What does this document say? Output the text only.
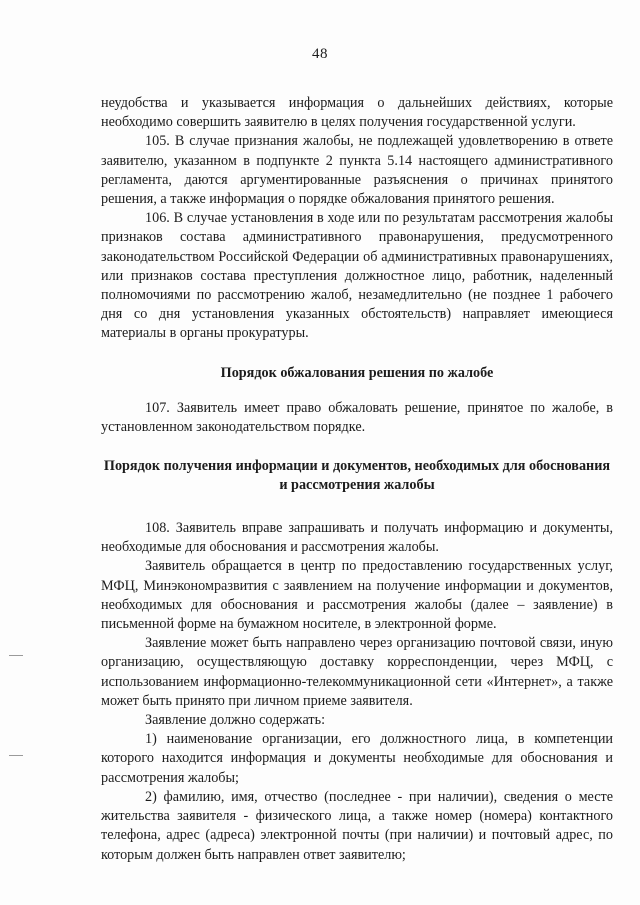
48

неудобства и указывается информация о дальнейших действиях, которые необходимо совершить заявителю в целях получения государственной услуги.

105. В случае признания жалобы, не подлежащей удовлетворению в ответе заявителю, указанном в подпункте 2 пункта 5.14 настоящего административного регламента, даются аргументированные разъяснения о причинах принятого решения, а также информация о порядке обжалования принятого решения.

106. В случае установления в ходе или по результатам рассмотрения жалобы признаков состава административного правонарушения, предусмотренного законодательством Российской Федерации об административных правонарушениях, или признаков состава преступления должностное лицо, работник, наделенный полномочиями по рассмотрению жалоб, незамедлительно (не позднее 1 рабочего дня со дня установления указанных обстоятельств) направляет имеющиеся материалы в органы прокуратуры.

Порядок обжалования решения по жалобе

107. Заявитель имеет право обжаловать решение, принятое по жалобе, в установленном законодательством порядке.

Порядок получения информации и документов, необходимых для обоснования и рассмотрения жалобы

108. Заявитель вправе запрашивать и получать информацию и документы, необходимые для обоснования и рассмотрения жалобы.

Заявитель обращается в центр по предоставлению государственных услуг, МФЦ, Минэкономразвития с заявлением на получение информации и документов, необходимых для обоснования и рассмотрения жалобы (далее – заявление) в письменной форме на бумажном носителе, в электронной форме.

Заявление может быть направлено через организацию почтовой связи, иную организацию, осуществляющую доставку корреспонденции, через МФЦ, с использованием информационно-телекоммуникационной сети «Интернет», а также может быть принято при личном приеме заявителя.

Заявление должно содержать:

1) наименование организации, его должностного лица, в компетенции которого находится информация и документы необходимые для обоснования и рассмотрения жалобы;

2) фамилию, имя, отчество (последнее - при наличии), сведения о месте жительства заявителя - физического лица, а также номер (номера) контактного телефона, адрес (адреса) электронной почты (при наличии) и почтовый адрес, по которым должен быть направлен ответ заявителю;
